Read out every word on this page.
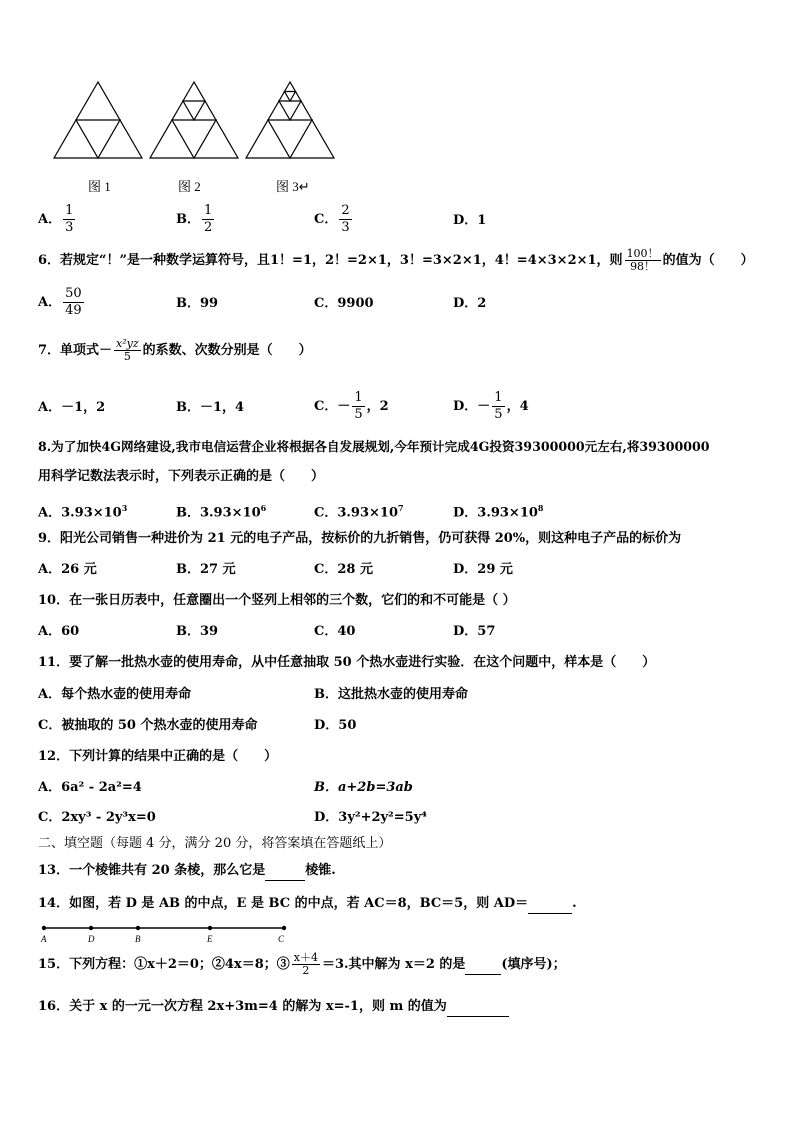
图 1	图 2	图 3↵
A． $\frac{1}{3}$	B． $\frac{1}{2}$	C． $\frac{2}{3}$	D．1
6．若规定“！”是一种数学运算符号，且1！=1，2！=2×1，3！=3×2×1，4！=4×3×2×1，则 $\frac{100!}{98!}$ 的值为（　　）
A． $\frac{50}{49}$	B．99	C．9900	D．2
7．单项式－ $\frac{\text{x²yz}}{5}$ 的系数、次数分别是（　　）
A．－1，2	B．－1，4	C．－ $\frac{1}{5}$ ，2	D．－ $\frac{1}{5}$ ，4
8.为了加快4G网络建设,我市电信运营企业将根据各自发展规划,今年预计完成4G投资39300000元左右,将39300000
用科学记数法表示时，下列表示正确的是（　　）
A．$3.93\times 10^3$	B．$3.93\times 10^6$	C．$3.93\times 10^7$	D．$3.93\times 10^8$
9．阳光公司销售一种进价为 21 元的电子产品，按标价的九折销售，仍可获得 20%，则这种电子产品的标价为
A．26 元	B．27 元	C．28 元	D．29 元
10．在一张日历表中，任意圈出一个竖列上相邻的三个数，它们的和不可能是（ ）
A．60	B．39	C．40	D．57
11．要了解一批热水壶的使用寿命，从中任意抽取 50 个热水壶进行实验．在这个问题中，样本是（　　）
A．每个热水壶的使用寿命	B．这批热水壶的使用寿命
C．被抽取的 50 个热水壶的使用寿命	D．50
12．下列计算的结果中正确的是（　　）
A．6a² - 2a²=4	B．a+2b=3ab
C．2xy³ - 2y³x=0	D．3y²+2y²=5y⁴
二、填空题（每题 4 分，满分 20 分，将答案填在答题纸上）
13．一个棱锥共有 20 条棱，那么它是	棱锥.
14．如图，若 D 是 AB 的中点，E 是 BC 的中点，若 AC＝8，BC＝5，则 AD＝	.
A	D	B	E	C
15．下列方程：①x＋2＝0；②4x＝8；③ $\frac{x+4}{2} =3$.其中解为 x＝2 的是	(填序号)；
16．关于 x 的一元一次方程 2x+3m=4 的解为 x=-1，则 m 的值为
